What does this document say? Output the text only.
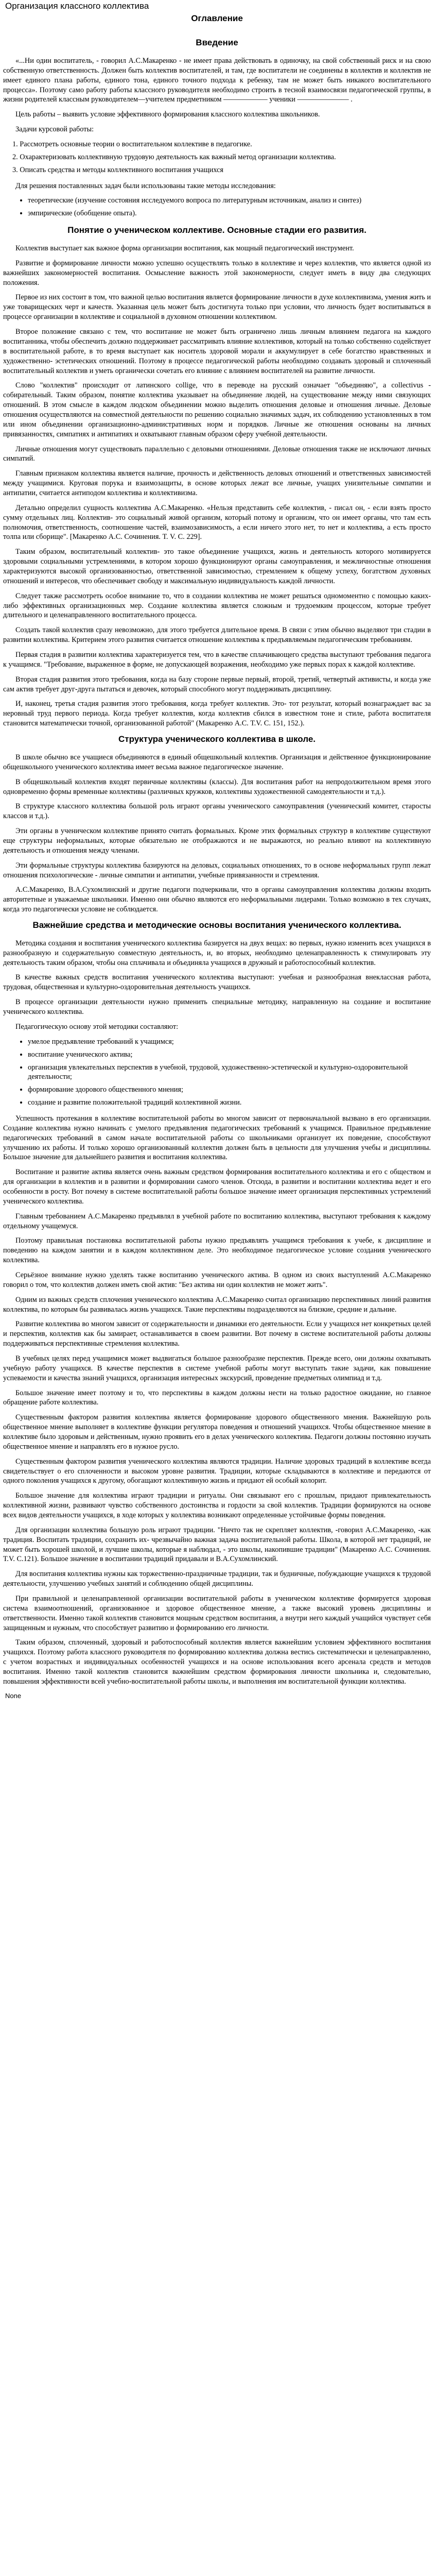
Организация классного коллектива
Оглавление
Введение

«...Ни один воспитатель, - говорил А.С.Макаренко - не имеет права действовать в одиночку, на свой собственный риск и на свою собственную ответственность. Должен быть коллектив воспитателей, и там, где воспитатели не соединены в коллектив и коллектив не имеет единого плана работы, единого тона, единого точного подхода к ребенку, там не может быть никакого воспитательного процесса». Поэтому само работу работы классного руководителя необходимо строить в тесной взаимосвязи педагогической группы, в жизни родителей классным руководителем—учителем предметником —————— ученики ——————— .

Цель работы – выявить условие эффективного формирования классного коллектива школьников.

Задачи курсовой работы:

1. Рассмотреть основные теории о воспитательном коллективе в педагогике.
2. Охарактеризовать коллективную трудовую деятельность как важный метод организации коллектива.
3. Описать средства и методы коллективного воспитания учащихся

Для решения поставленных задач были использованы такие методы исследования:

• теоретические (изучение состояния исследуемого вопроса по литературным источникам, анализ и синтез)
• эмпирические (обобщение опыта).
Понятие о ученическом коллективе. Основные стадии его развития.

Коллектив выступает как важное форма организации воспитания, как мощный педагогический инструмент.

Развитие и формирование личности можно успешно осуществлять только в коллективе и через коллектив, что является одной из важнейших закономерностей воспитания. Осмысление важность этой закономерности, следует иметь в виду два следующих положения.

Первое из них состоит в том, что важной целью воспитания является формирование личности в духе коллективизма, умения жить и уже товарищеских черт и качеств. Указанная цель может быть достигнута только при условии, что личность будет воспитываться в процессе организации в коллективе и социальной в духовном отношении коллективом.

Второе положение связано с тем, что воспитание не может быть ограничено лишь личным влиянием педагога на каждого воспитанника, чтобы обеспечить должно поддерживает рассматривать влияние коллективов, который на только собственно содействует в воспитательной работе, в то время выступает как носитель здоровой морали и аккумулирует в себе богатство нравственных и художественно- эстетических отношений. Поэтому в процессе педагогической работы необходимо создавать здоровый и сплоченный воспитательный коллектив и уметь органически сочетать его влияние с влиянием воспитателей на развитие личности.

Слово "коллектив" происходит от латинского collige, что в переводе на русский означает "объединяю", а collectivus - собирательный. Таким образом, понятие коллектива указывает на объединение людей, на существование между ними связующих отношений. В этом смысле в каждом людском объединении можно выделить отношения деловые и отношения личные. Деловые отношения осуществляются на совместной деятельности по решению социально значимых задач, их соблюдению установленных в том или ином объединении организационно-административных норм и порядков. Личные же отношения основаны на личных привязанностях, симпатиях и антипатиях и охватывают главным образом сферу учебной деятельности.

Личные отношения могут существовать параллельно с деловыми отношениями. Деловые отношения также не исключают личных симпатий.

Главным признаком коллектива является наличие, прочность и действенность деловых отношений и ответственных зависимостей между учащимися. Круговая порука и взаимозащиты, в основе которых лежат все личные, учащих унизительные симпатии и антипатии, считается антиподом коллектива и коллективизма.

Детально определил сущность коллектива А.С.Макаренко. «Нельзя представить себе коллектив, - писал он, - если взять просто сумму отдельных лиц. Коллектив- это социальный живой организм, который потому и организм, что он имеет органы, что там есть полномочия, ответственность, соотношение частей, взаимозависимость, а если ничего этого нет, то нет и коллектива, а есть просто толпа или сборище". [Макаренко А.С. Сочинения. Т. V. С. 229].

Таким образом, воспитательный коллектив- это такое объединение учащихся, жизнь и деятельность которого мотивируется здоровыми социальными устремлениями, в котором хорошо функционируют органы самоуправления, и межличностные отношения характеризуются высокой организованностью, ответственной зависимостью, стремлением к общему успеху, богатством духовных отношений и интересов, что обеспечивает свободу и максимальную индивидуальность каждой личности.

Следует также рассмотреть особое внимание то, что в создании коллектива не может решаться одномоментно с помощью каких-либо эффективных организационных мер. Создание коллектива является сложным и трудоемким процессом, которые требует длительного и целенаправленного воспитательного процесса.

Создать такой коллектив сразу невозможно, для этого требуется длительное время. В связи с этим обычно выделяют три стадии в развитии коллектива. Критерием этого развития считается отношение коллектива к предъявляемым педагогическим требованиям.

Первая стадия в развитии коллектива характеризуется тем, что в качестве сплачивающего средства выступают требования педагога к учащимся. "Требование, выраженное в форме, не допускающей возражения, необходимо уже первых порах к каждой коллективе.

Вторая стадия развития этого требования, когда на базу стороне первые первый, второй, третий, четвертый активисты, и когда уже сам актив требует друг-друга пытаться и девочек, который способного могут поддерживать дисциплину.

И, наконец, третья стадия развития этого требования, когда требует коллектив. Это- тот результат, который вознаграждает вас за неровный труд первого периода. Когда требует коллектив, когда коллектив сбился в известном тоне и стиле, работа воспитателя становится математически точной, организованной работой" (Макаренко А.С. Т.V. С. 151, 152.).

Структура ученического коллектива в школе.

В школе обычно все учащиеся объединяются в единый общешкольный коллектив. Организация и действенное функционирование общешкольного ученического коллектива имеет весьма важное педагогическое значение.

В общешкольный коллектив входят первичные коллективы (классы). Для воспитания работ на непродолжительном время этого одновременно формы временные коллективы (различных кружков, коллективы художественной самодеятельности и т.д.).

В структуре классного коллектива большой роль играют органы ученического самоуправления (ученический комитет, старосты классов и т.д.).

Эти органы в ученическом коллективе принято считать формальных. Кроме этих формальных структур в коллективе существуют еще структуры неформальных, которые обязательно не отображаются и не выражаются, но реально влияют на коллективную деятельность и отношения между членами.

Эти формальные структуры коллектива базируются на деловых, социальных отношениях, то в основе неформальных групп лежат отношения психологические - личные симпатии и антипатии, учебные привязанности и стремления.

А.С.Макаренко, В.А.Сухомлинский и другие педагоги подчеркивали, что в органы самоуправления коллектива должны входить авторитетные и уважаемые школьники. Именно они обычно являются его неформальными лидерами. Только возможно в тех случаях, когда это педагогически условие не соблюдается.

Важнейшие средства и методические основы воспитания ученического коллектива.

Методика создания и воспитания ученического коллектива базируется на двух вещах: во первых, нужно изменить всех учащихся в разнообразную и содержательную совместную деятельность, и, во вторых, необходимо целенаправленность к стимулировать эту деятельность таким образом, чтобы она сплачивала и объединяла учащихся в дружный и работоспособный коллектив.

В качестве важных средств воспитания ученического коллектива выступают: учебная и разнообразная внеклассная работа, трудовая, общественная и культурно-оздоровительная деятельность учащихся.

В процессе организации деятельности нужно применить специальные методику, направленную на создание и воспитание ученического коллектива.

Педагогическую основу этой методики составляют:

• умелое предъявление требований к учащимся;
• воспитание ученического актива;
• организация увлекательных перспектив в учебной, трудовой, художественно-эстетической и культурно-оздоровительной деятельности;
• формирование здорового общественного мнения;
• создание и развитие положительной традиций коллективной жизни.

Успешность протекания в коллективе воспитательной работы во многом зависит от первоначальной вызвано в его организации. Создание коллектива нужно начинать с умелого предъявления педагогических требований к учащимся. Правильное предъявление педагогических требований в самом начале воспитательной работы со школьниками организует их поведение, способствуют улучшению их работы. И только хорошо организованный коллектив должен быть в цельности для улучшения учебы и дисциплины. Большое значение для дальнейшего развития и воспитания коллектива.

Воспитание и развитие актива является очень важным средством формирования воспитательного коллектива и его с обществом и для организации в коллектив и в развитии и формировании самого членов. Отсюда, в развитии и воспитании коллектива ведет и его особенности в росту. Вот почему в системе воспитательной работы большое значение имеет организация перспективных устремлений ученического коллектива.

Главным требованием А.С.Макаренко предъявлял в учебной работе по воспитанию коллектива, выступают требования к каждому отдельному учащемуся.

Поэтому правильная постановка воспитательной работы нужно предъявлять учащимся требования к учебе, к дисциплине и поведению на каждом занятии и в каждом коллективном деле. Это необходимое педагогическое условие создания ученического коллектива.

Серьёзное внимание нужно уделять также воспитанию ученического актива. В одном из своих выступлений А.С.Макаренко говорил о том, что коллектив должен иметь свой актив: "Без актива ни один коллектив не может жить".

Одним из важных средств сплочения ученического коллектива А.С.Макаренко считал организацию перспективных линий развития коллектива, по которым бы развивалась жизнь учащихся. Такие перспективы подразделяются на близкие, средние и дальние.

Развитие коллектива во многом зависит от содержательности и динамики его деятельности. Если у учащихся нет конкретных целей и перспектив, коллектив как бы замирает, останавливается в своем развитии. Вот почему в системе воспитательной работы должны поддерживаться перспективные стремления коллектива.

В учебных целях перед учащимися может выдвигаться большое разнообразие перспектив. Прежде всего, они должны охватывать учебную работу учащихся. В качестве перспектив в системе учебной работы могут выступать такие задачи, как повышение успеваемости и качества знаний учащихся, организация интересных экскурсий, проведение предметных олимпиад и т.д.

Большое значение имеет поэтому и то, что перспективы в каждом должны нести на только радостное ожидание, но главное обращение работе коллектива.

Существенным фактором развития коллектива является формирование здорового общественного мнения. Важнейшую роль общественное мнение выполняет в коллективе функции регулятора поведения и отношений учащихся. Чтобы общественное мнение в коллективе было здоровым и действенным, нужно проявить его в делах ученического коллектива. Педагоги должны постоянно изучать общественное мнение и направлять его в нужное русло.

Существенным фактором развития ученического коллектива являются традиции. Наличие здоровых традиций в коллективе всегда свидетельствует о его сплоченности и высоком уровне развития. Традиции, которые складываются в коллективе и передаются от одного поколения учащихся к другому, обогащают коллективную жизнь и придают ей особый колорит.

Большое значение для коллектива играют традиции и ритуалы. Они связывают его с прошлым, придают привлекательность коллективной жизни, развивают чувство собственного достоинства и гордости за свой коллектив. Традиции формируются на основе всех видов деятельности учащихся, в ходе которых у коллектива возникают определенные устойчивые формы поведения.

Для организации коллектива большую роль играют традиции. "Ничто так не скрепляет коллектив, -говорил А.С.Макаренко, -как традиция. Воспитать традиции, сохранить их- чрезвычайно важная задача воспитательной работы. Школа, в которой нет традиций, не может быть хорошей школой, и лучшие школы, которые я наблюдал, - это школы, накопившие традиции" (Макаренко А.С. Сочинения. Т.V. С.121). Большое значение в воспитании традиций придавали и В.А.Сухомлинский.

Для воспитания коллектива нужны как торжественно-праздничные традиции, так и будничные, побуждающие учащихся к трудовой деятельности, улучшению учебных занятий и соблюдению общей дисциплины.

При правильной и целенаправленной организации воспитательной работы в ученическом коллективе формируется здоровая система взаимоотношений, организованное и здоровое общественное мнение, а также высокий уровень дисциплины и ответственности. Именно такой коллектив становится мощным средством воспитания, а внутри него каждый учащийся чувствует себя защищенным и нужным, что способствует развитию и формированию его личности.

Таким образом, сплоченный, здоровый и работоспособный коллектив является важнейшим условием эффективного воспитания учащихся. Поэтому работа классного руководителя по формированию коллектива должна вестись систематически и целенаправленно, с учетом возрастных и индивидуальных особенностей учащихся и на основе использования всего арсенала средств и методов воспитания. Именно такой коллектив становится важнейшим средством формирования личности школьника и, следовательно, повышения эффективности всей учебно-воспитательной работы школы, и выполнения им воспитательной функции коллектива.

None
